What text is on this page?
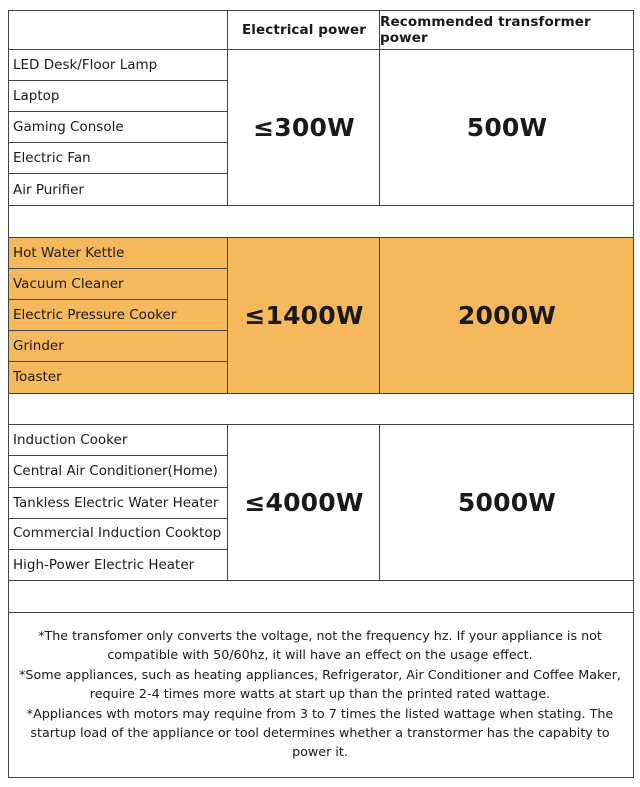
Electrical power	Recommended transformer power
LED Desk/Floor Lamp
Laptop
Gaming Console
Electric Fan
Air Purifier
≤300W	500W
Hot Water Kettle
Vacuum Cleaner
Electric Pressure Cooker
Grinder
Toaster
≤1400W	2000W
Induction Cooker
Central Air Conditioner(Home)
Tankless Electric Water Heater
Commercial Induction Cooktop
High-Power Electric Heater
≤4000W	5000W

*The transfomer only converts the voltage, not the frequency hz. If your appliance is not compatible with 50/60hz, it will have an effect on the usage effect.

*Some appliances, such as heating appliances, Refrigerator, Air Conditioner and Coffee Maker, require 2-4 times more watts at start up than the printed rated wattage.

*Appliances wth motors may requine from 3 to 7 times the listed wattage when stating. The startup load of the appliance or tool determines whether a transtormer has the capabity to power it.
